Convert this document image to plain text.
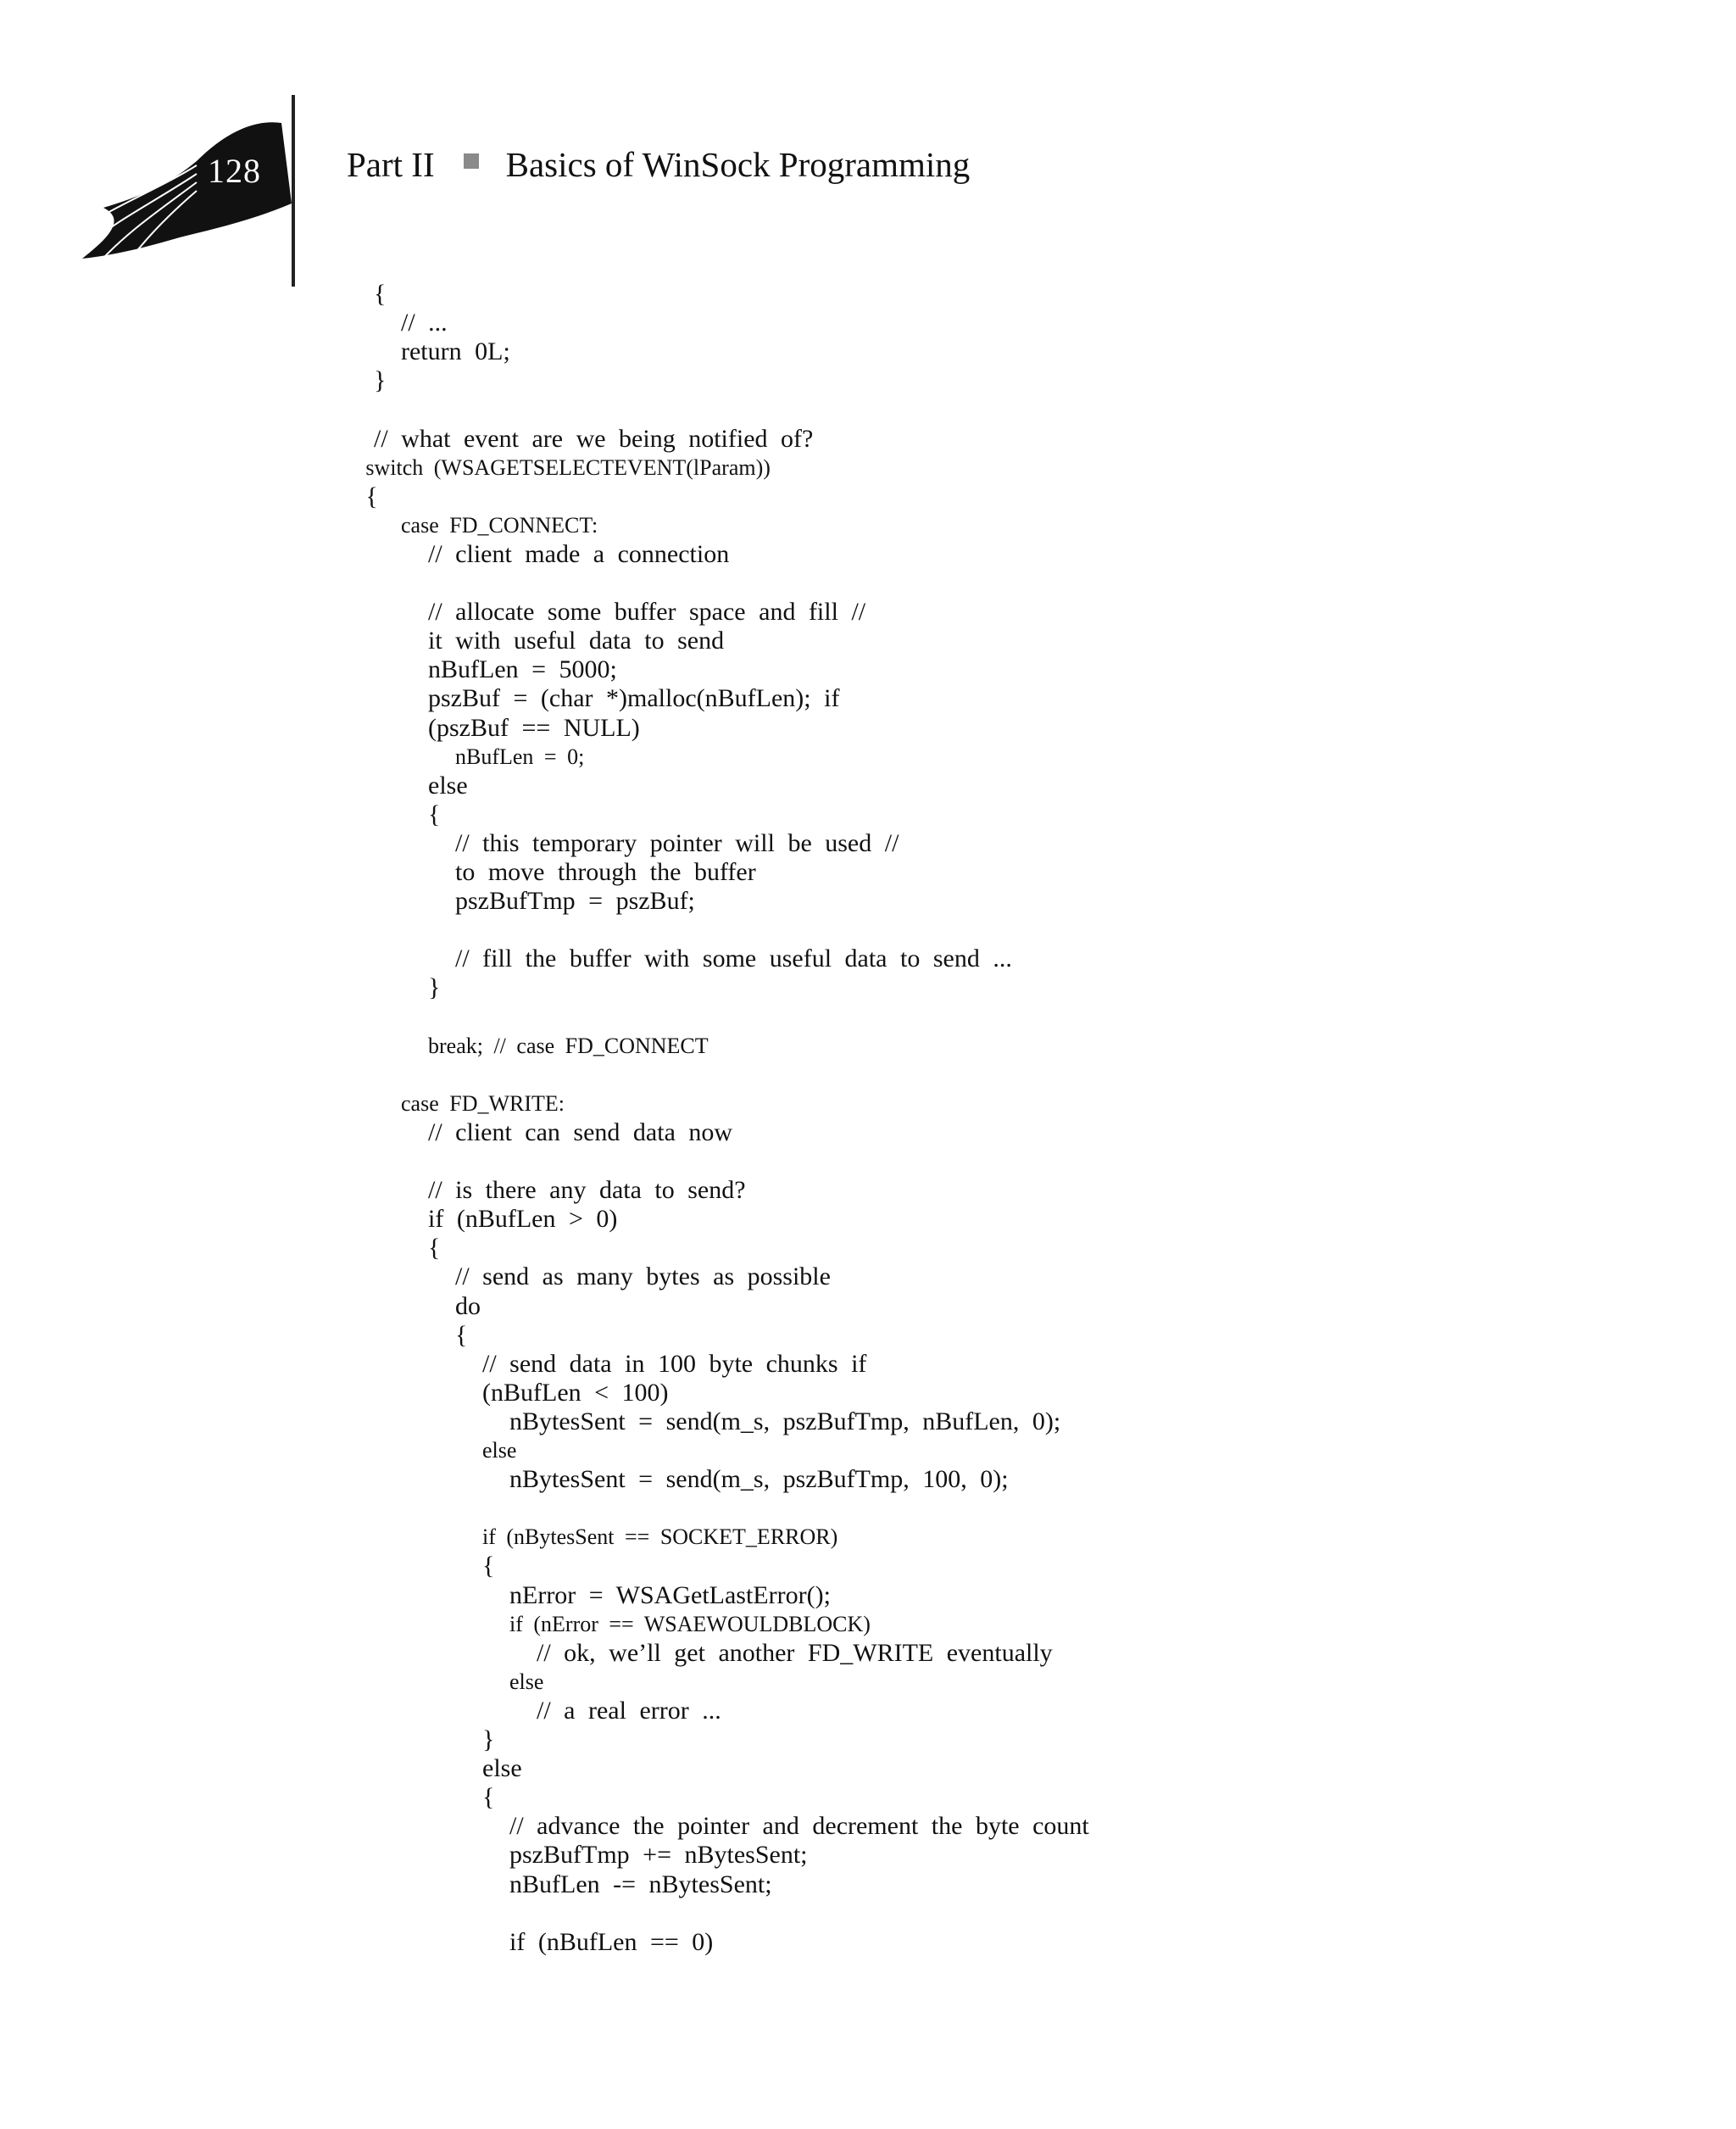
128 Part II Basics of WinSock Programming
{
// ...
return 0L;
}
// what event are we being notified of?
switch (WSAGETSELECTEVENT(lParam))
{
case FD_CONNECT:
// client made a connection
// allocate some buffer space and fill //
it with useful data to send
nBufLen = 5000;
pszBuf = (char *)malloc(nBufLen); if
(pszBuf == NULL)
nBufLen = 0;
else
{
// this temporary pointer will be used //
to move through the buffer
pszBufTmp = pszBuf;
// fill the buffer with some useful data to send ...
}
break; // case FD_CONNECT
case FD_WRITE:
// client can send data now
// is there any data to send?
if (nBufLen > 0)
{
// send as many bytes as possible
do
{
// send data in 100 byte chunks if
(nBufLen < 100)
nBytesSent = send(m_s, pszBufTmp, nBufLen, 0);
else
nBytesSent = send(m_s, pszBufTmp, 100, 0);
if (nBytesSent == SOCKET_ERROR)
{
nError = WSAGetLastError();
if (nError == WSAEWOULDBLOCK)
// ok, we’ll get another FD_WRITE eventually
else
// a real error ...
}
else
{
// advance the pointer and decrement the byte count
pszBufTmp += nBytesSent;
nBufLen -= nBytesSent;
if (nBufLen == 0)
